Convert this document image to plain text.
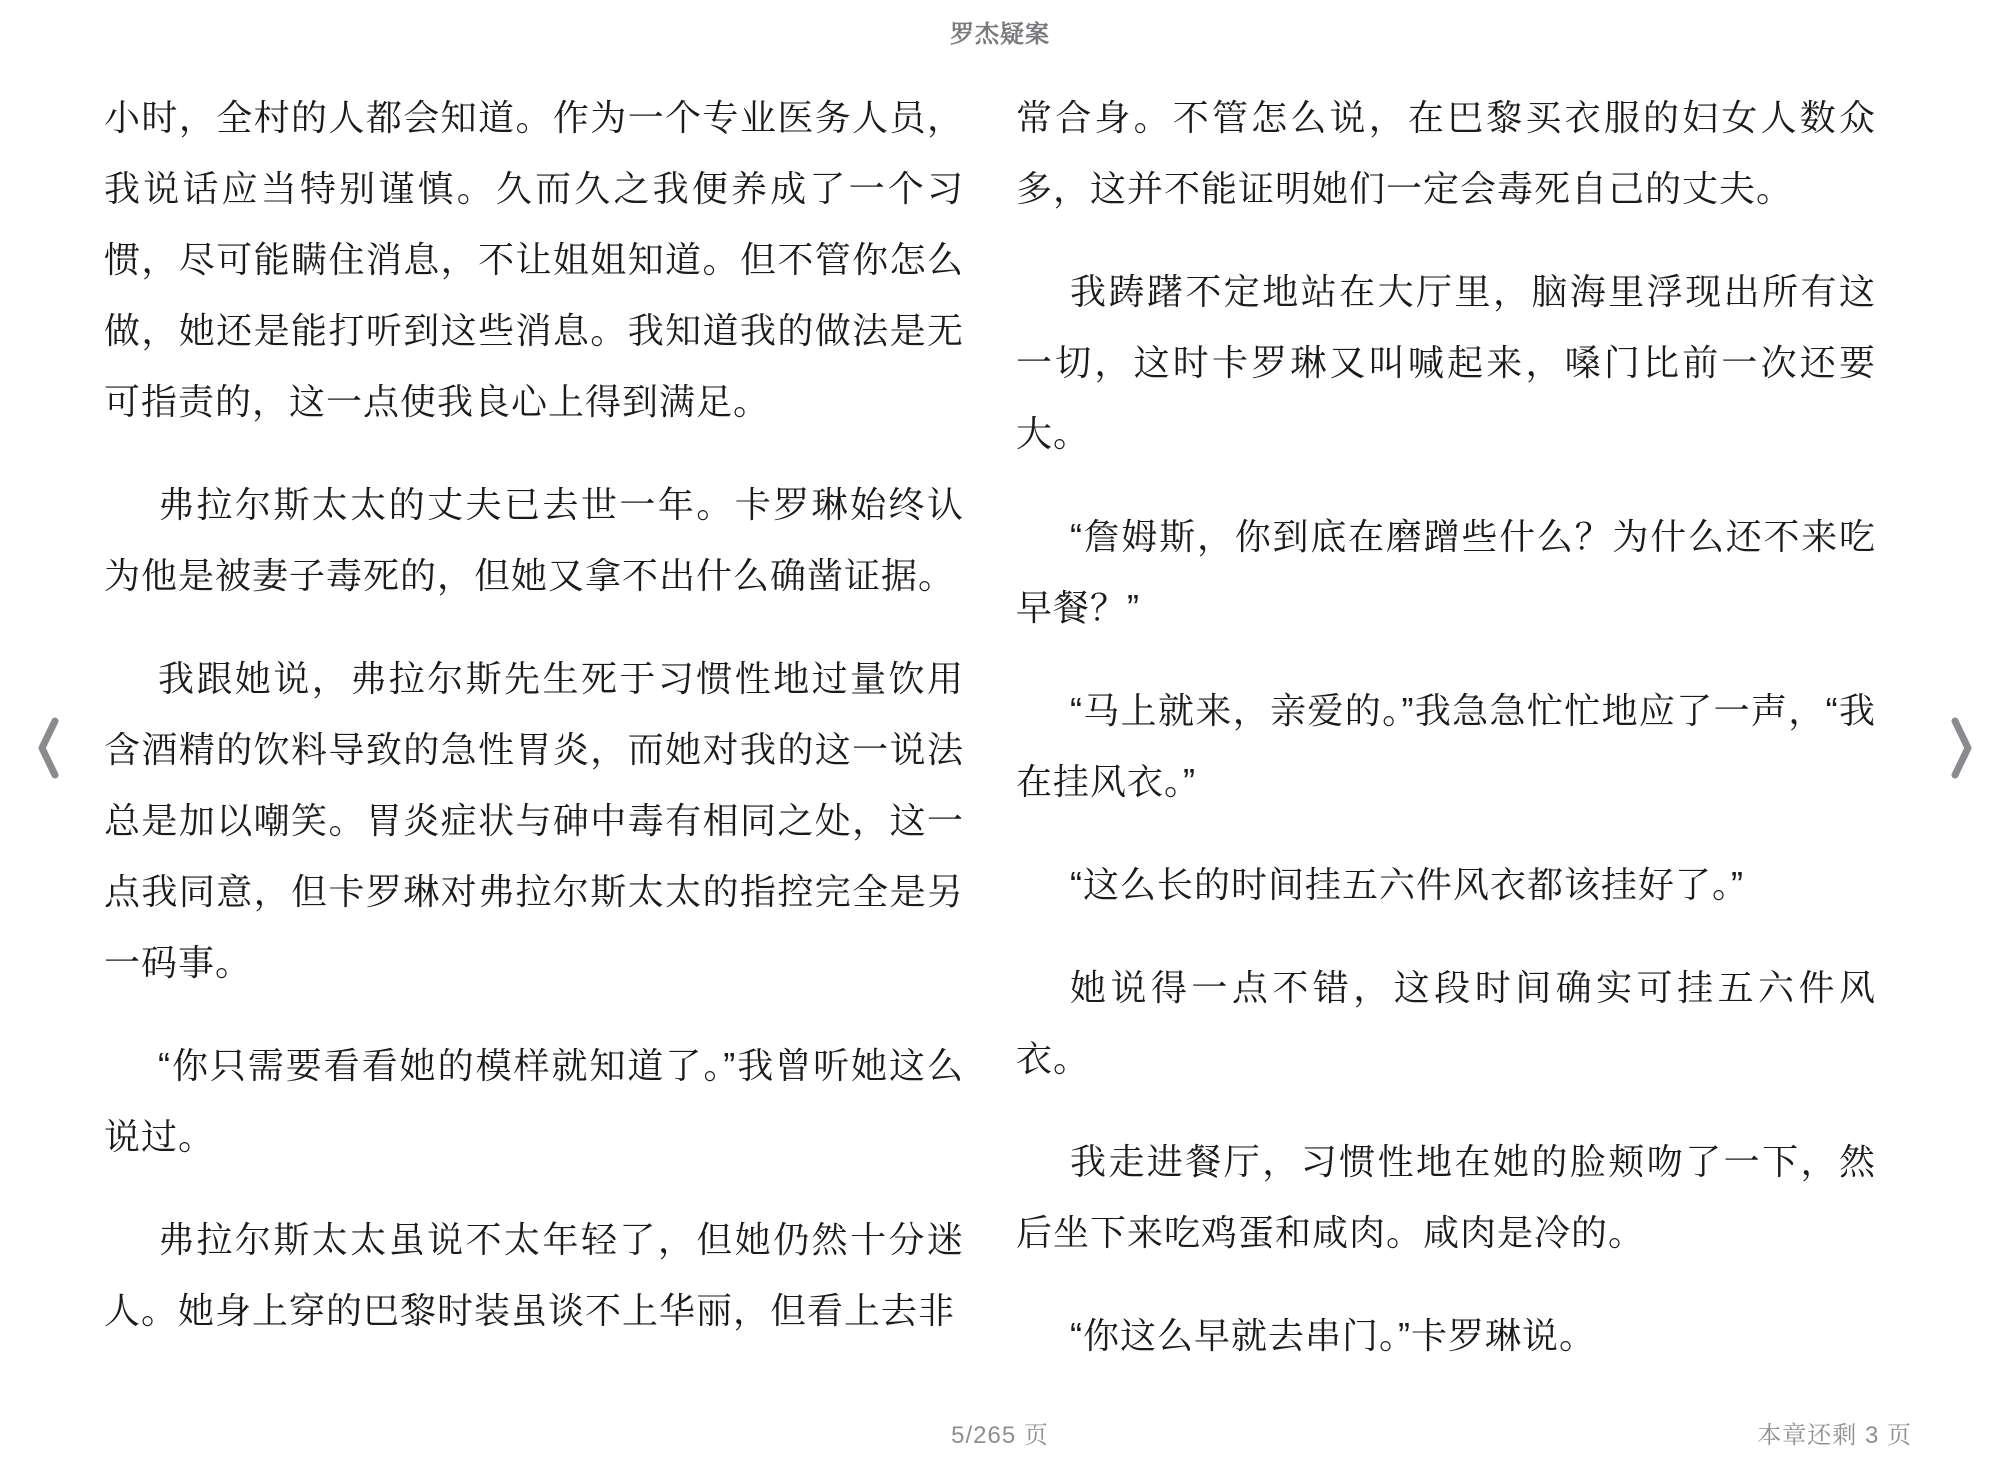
罗杰疑案

小时，全村的人都会知道。作为一个专业医务人员，我说话应当特别谨慎。久而久之我便养成了一个习惯，尽可能瞒住消息，不让姐姐知道。但不管你怎么做，她还是能打听到这些消息。我知道我的做法是无可指责的，这一点使我良心上得到满足。

弗拉尔斯太太的丈夫已去世一年。卡罗琳始终认为他是被妻子毒死的，但她又拿不出什么确凿证据。

我跟她说，弗拉尔斯先生死于习惯性地过量饮用含酒精的饮料导致的急性胃炎，而她对我的这一说法总是加以嘲笑。胃炎症状与砷中毒有相同之处，这一点我同意，但卡罗琳对弗拉尔斯太太的指控完全是另一码事。

“你只需要看看她的模样就知道了。”我曾听她这么说过。

弗拉尔斯太太虽说不太年轻了，但她仍然十分迷人。她身上穿的巴黎时装虽谈不上华丽，但看上去非

常合身。不管怎么说，在巴黎买衣服的妇女人数众多，这并不能证明她们一定会毒死自己的丈夫。

我踌躇不定地站在大厅里，脑海里浮现出所有这一切，这时卡罗琳又叫喊起来，嗓门比前一次还要大。

“詹姆斯，你到底在磨蹭些什么？为什么还不来吃早餐？”

“马上就来，亲爱的。”我急急忙忙地应了一声，“我在挂风衣。”

“这么长的时间挂五六件风衣都该挂好了。”

她说得一点不错，这段时间确实可挂五六件风衣。

我走进餐厅，习惯性地在她的脸颊吻了一下，然后坐下来吃鸡蛋和咸肉。咸肉是冷的。

“你这么早就去串门。”卡罗琳说。

5/265 页	本章还剩 3 页
